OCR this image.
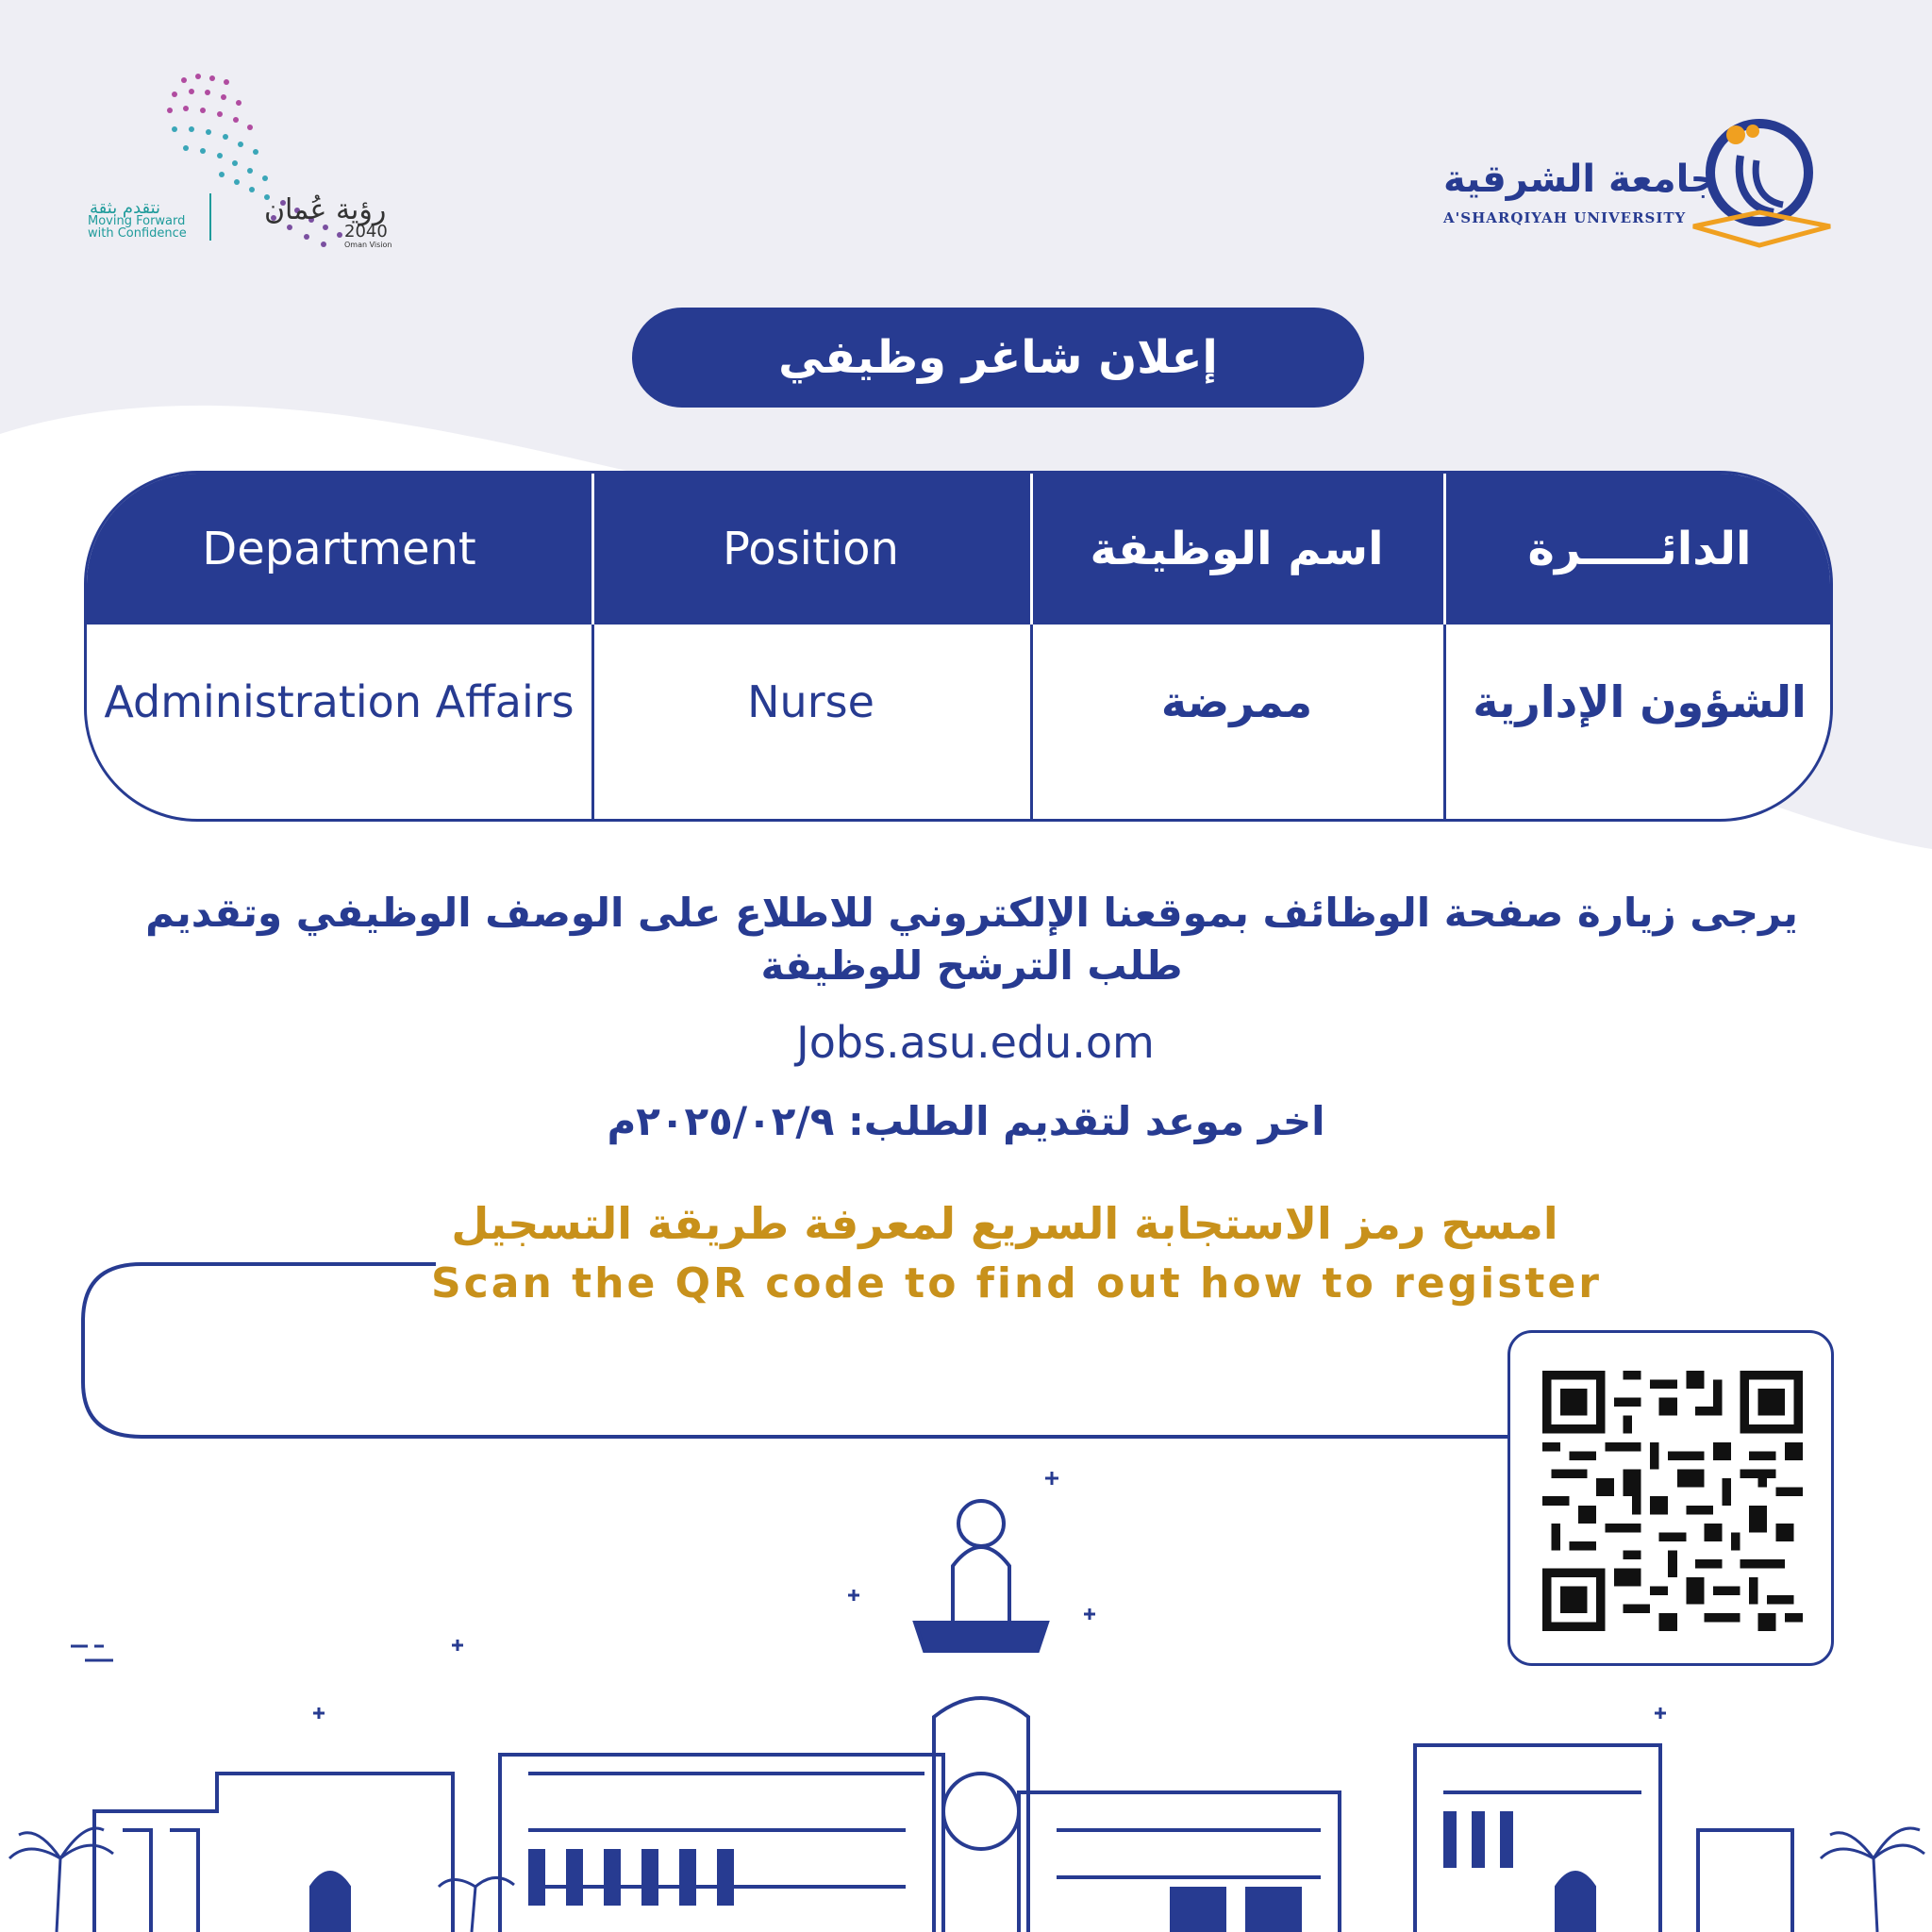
نتقدم بثقة
Moving Forward
with Confidence
رؤية عُمان
2040
Oman Vision
جامعة الشرقية
A'SHARQIYAH UNIVERSITY
إعلان شاغر وظيفي
Department	Position	اسم الوظيفة	الدائـــــرة
Administration Affairs	Nurse	ممرضة	الشؤون الإدارية
يرجى زيارة صفحة الوظائف بموقعنا الإلكتروني للاطلاع على الوصف الوظيفي وتقديم
طلب الترشح للوظيفة
Jobs.asu.edu.om
اخر موعد لتقديم الطلب: ٢٠٢٥/٠٢/٩م
امسح رمز الاستجابة السريع لمعرفة طريقة التسجيل
Scan the QR code to find out how to register
